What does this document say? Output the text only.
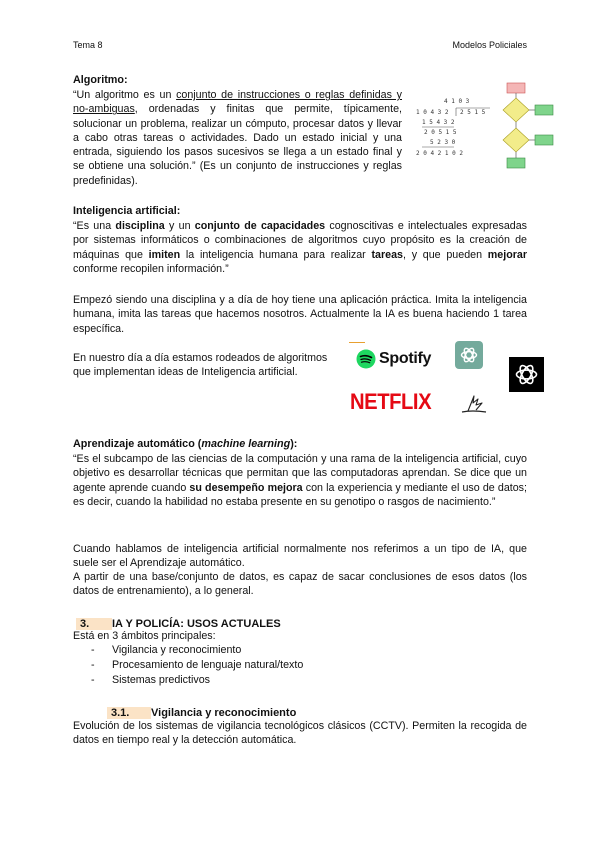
Tema 8	Modelos Policiales
Algoritmo:
“Un algoritmo es un conjunto de instrucciones o reglas definidas y no-ambiguas, ordenadas y finitas que permite, típicamente, solucionar un problema, realizar un cómputo, procesar datos y llevar a cabo otras tareas o actividades. Dado un estado inicial y una entrada, siguiendo los pasos sucesivos se llega a un estado final y se obtiene una solución.” (Es un conjunto de instrucciones y reglas predefinidas).
4 1 0 3
1 0 4 3 2 2 5 1 5
1 5 4 3 2
2 0 5 1 5
5 2 3 0
2 0 4 2 1 0 2
Inteligencia artificial:
“Es una disciplina y un conjunto de capacidades cognoscitivas e intelectuales expresadas por sistemas informáticos o combinaciones de algoritmos cuyo propósito es la creación de máquinas que imiten la inteligencia humana para realizar tareas, y que pueden mejorar conforme recopilen información.”
Empezó siendo una disciplina y a día de hoy tiene una aplicación práctica. Imita la inteligencia humana, imita las tareas que hacemos nosotros. Actualmente la IA es buena haciendo 1 tarea específica.
En nuestro día a día estamos rodeados de algoritmos que implementan ideas de Inteligencia artificial.
Spotify
NETFLIX
Aprendizaje automático (machine learning):
“Es el subcampo de las ciencias de la computación y una rama de la inteligencia artificial, cuyo objetivo es desarrollar técnicas que permitan que las computadoras aprendan. Se dice que un agente aprende cuando su desempeño mejora con la experiencia y mediante el uso de datos; es decir, cuando la habilidad no estaba presente en su genotipo o rasgos de nacimiento.”
Cuando hablamos de inteligencia artificial normalmente nos referimos a un tipo de IA, que suele ser el Aprendizaje automático.
A partir de una base/conjunto de datos, es capaz de sacar conclusiones de esos datos (los datos de entrenamiento), a lo general.
3. IA Y POLICÍA: USOS ACTUALES
Está en 3 ámbitos principales:
- Vigilancia y reconocimiento
- Procesamiento de lenguaje natural/texto
- Sistemas predictivos
3.1. Vigilancia y reconocimiento
Evolución de los sistemas de vigilancia tecnológicos clásicos (CCTV). Permiten la recogida de datos en tiempo real y la detección automática.
